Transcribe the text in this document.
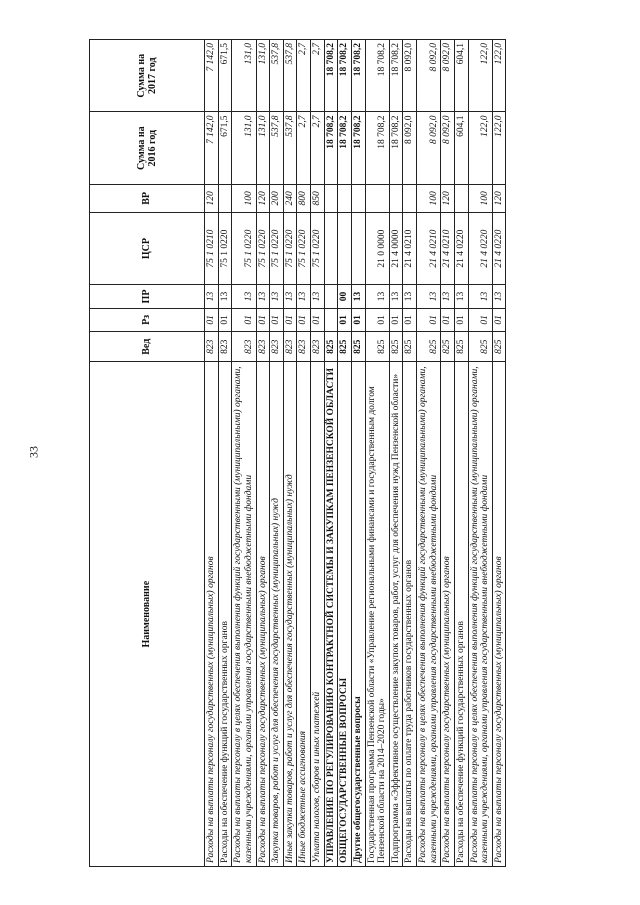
33
Наименование	Вед	Рз	ПР	ЦСР	ВР	Сумма на 2016 год	Сумма на 2017 год
Расходы на выплаты персоналу государственных (муниципальных) органов	823	01	13	75 1 0210	120	7 142,0	7 142,0
Расходы на обеспечение функций государственных органов	823	01	13	75 1 0220		671,5	671,5
Расходы на выплаты персоналу в целях обеспечения выполнения функций государственными (муниципальными) органами, казенными учреждениями, органами управления государственными внебюджетными фондами	823	01	13	75 1 0220	100	131,0	131,0
Расходы на выплаты персоналу государственных (муниципальных) органов	823	01	13	75 1 0220	120	131,0	131,0
Закупка товаров, работ и услуг для обеспечения государственных (муниципальных) нужд	823	01	13	75 1 0220	200	537,8	537,8
Иные закупки товаров, работ и услуг для обеспечения государственных (муниципальных) нужд	823	01	13	75 1 0220	240	537,8	537,8
Иные бюджетные ассигнования	823	01	13	75 1 0220	800	2,7	2,7
Уплата налогов, сборов и иных платежей	823	01	13	75 1 0220	850	2,7	2,7
УПРАВЛЕНИЕ ПО РЕГУЛИРОВАНИЮ КОНТРАКТНОЙ СИСТЕМЫ И ЗАКУПКАМ ПЕНЗЕНСКОЙ ОБЛАСТИ	825					18 708,2	18 708,2
ОБЩЕГОСУДАРСТВЕННЫЕ ВОПРОСЫ	825	01	00			18 708,2	18 708,2
Другие общегосударственные вопросы	825	01	13			18 708,2	18 708,2
Государственная программа Пензенской области «Управление региональными финансами и государственным долгом Пензенской области на 2014–2020 годы»	825	01	13	21 0 0000		18 708,2	18 708,2
Подпрограмма «Эффективное осуществление закупок товаров, работ, услуг для обеспечения нужд Пензенской области»	825	01	13	21 4 0000		18 708,2	18 708,2
Расходы на выплаты по оплате труда работников государственных органов	825	01	13	21 4 0210		8 092,0	8 092,0
Расходы на выплаты персоналу в целях обеспечения выполнения функций государственными (муниципальными) органами, казенными учреждениями, органами управления государственными внебюджетными фондами	825	01	13	21 4 0210	100	8 092,0	8 092,0
Расходы на выплаты персоналу государственных (муниципальных) органов	825	01	13	21 4 0210	120	8 092,0	8 092,0
Расходы на обеспечение функций государственных органов	825	01	13	21 4 0220		604,1	604,1
Расходы на выплаты персоналу в целях обеспечения выполнения функций государственными (муниципальными) органами, казенными учреждениями, органами управления государственными внебюджетными фондами	825	01	13	21 4 0220	100	122,0	122,0
Расходы на выплаты персоналу государственных (муниципальных) органов	825	01	13	21 4 0220	120	122,0	122,0
